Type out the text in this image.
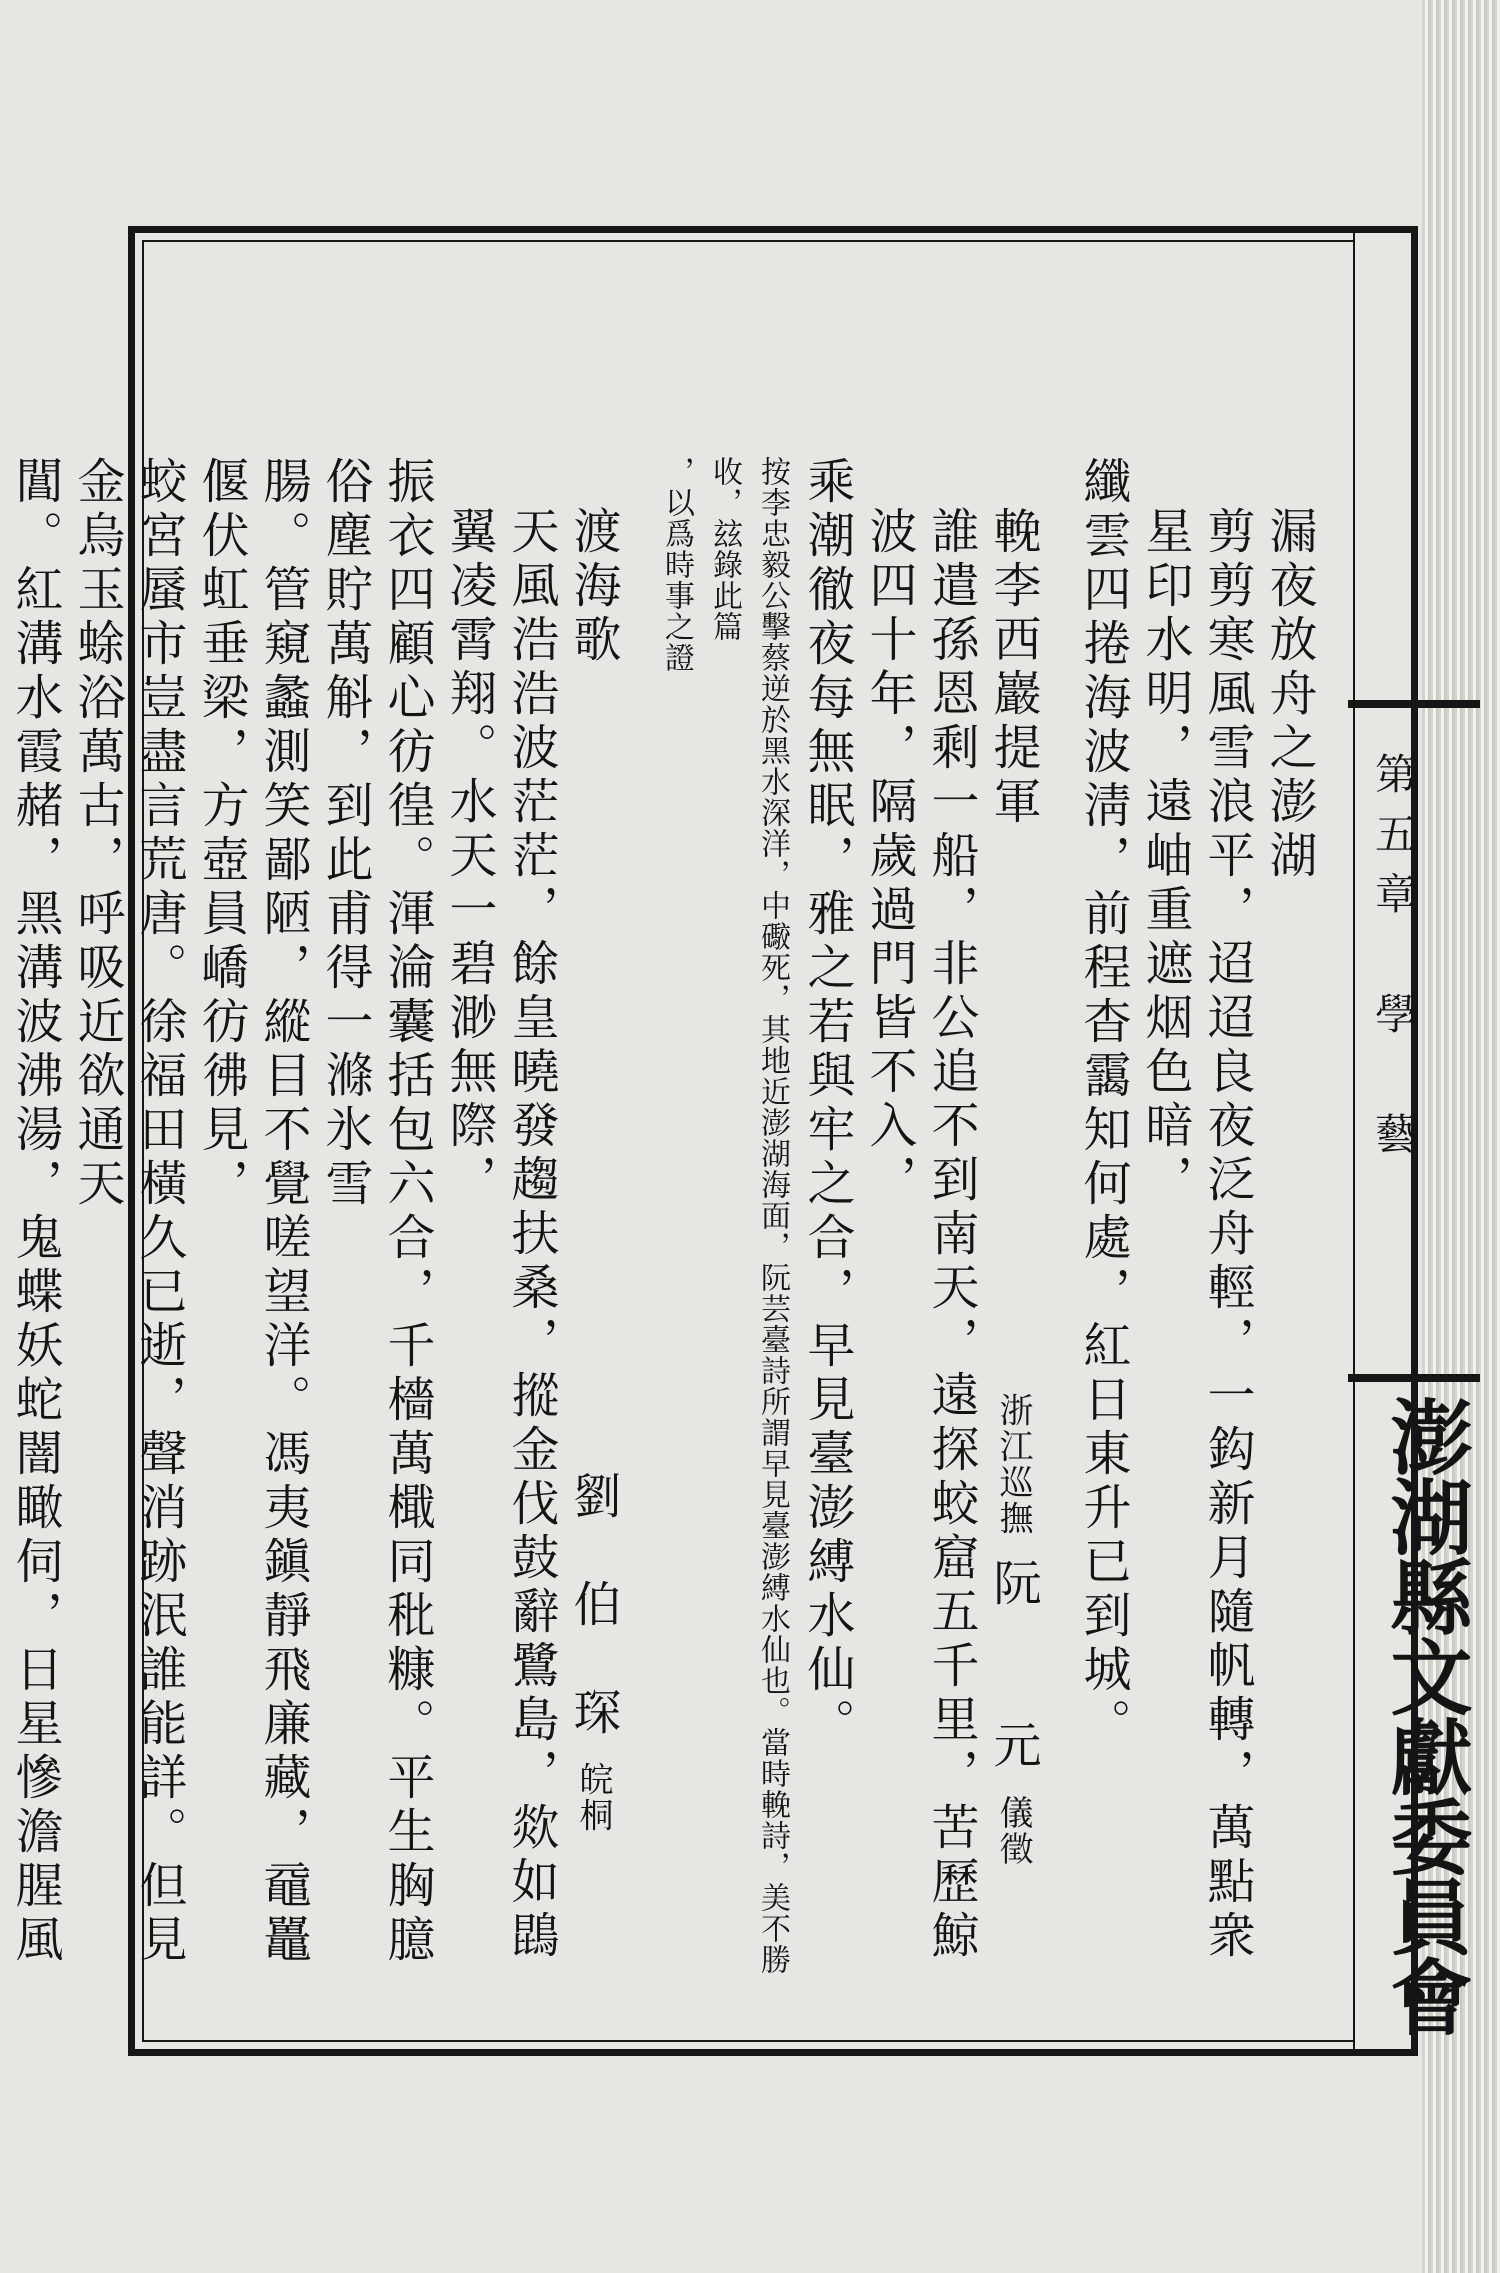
第五章　學　藝
澎湖縣文獻委員會

漏夜放舟之澎湖

剪剪寒風雪浪平，迢迢良夜泛舟輕，一鈎新月隨帆轉，萬點衆星印水明，遠岫重遮烟色暗，

纖雲四捲海波淸，前程杳靄知何處，紅日東升已到城。

輓李西巖提軍  浙江巡撫 阮　　元 儀徵

誰遣孫恩剩一船，非公追不到南天，遠探蛟窟五千里，苦歷鯨波四十年，隔歲過門皆不入，

乘潮徹夜每無眠，雅之若與牢之合，早見臺澎縛水仙。

按李忠毅公擊蔡逆於黑水深洋，中礮死，其地近澎湖海面，阮芸臺詩所謂早見臺澎縛水仙也。當時輓詩，美不勝收，玆錄此篇

，以爲時事之證

渡海歌  劉　伯　琛 皖桐

天風浩浩波茫茫，餘皇曉發趨扶桑，摐金伐鼓辭鷺島，欻如鵾翼凌霄翔。水天一碧渺無際，

振衣四顧心彷徨。渾淪囊括包六合，千檣萬檝同秕糠。平生胸臆俗塵貯萬斛，到此甫得一滌氷雪

腸。管窺蠡測笑鄙陋，縱目不覺嗟望洋。馮夷鎭靜飛廉藏，黿鼉偃伏虹垂梁，方壺員嶠彷彿見，

蛟宮蜃市豈盡言荒唐。徐福田橫久已逝，聲消跡泯誰能詳。但見金烏玉蜍浴萬古，呼吸近欲通天

閶。紅溝水霞赭，黑溝波沸湯，鬼蝶妖蛇闇瞰伺，日星慘澹腥風
